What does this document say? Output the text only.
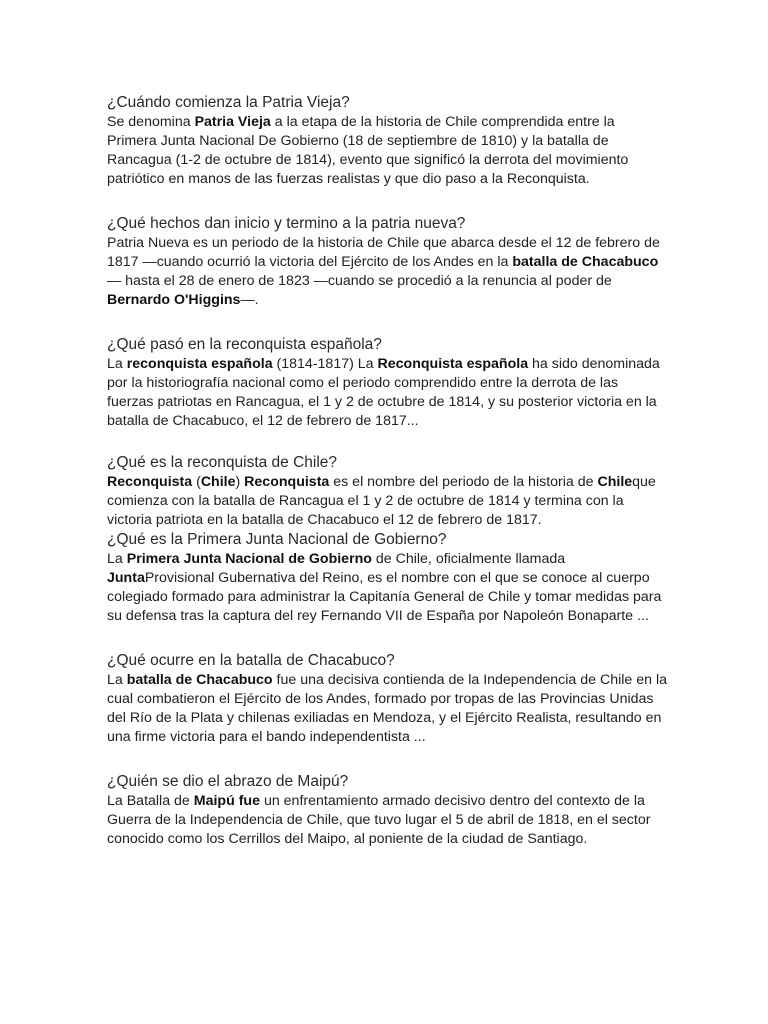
¿Cuándo comienza la Patria Vieja?

Se denomina Patria Vieja a la etapa de la historia de Chile comprendida entre la Primera Junta Nacional De Gobierno (18 de septiembre de 1810) y la batalla de Rancagua (1-2 de octubre de 1814), evento que significó la derrota del movimiento patriótico en manos de las fuerzas realistas y que dio paso a la Reconquista.

¿Qué hechos dan inicio y termino a la patria nueva?

Patria Nueva es un periodo de la historia de Chile que abarca desde el 12 de febrero de 1817 —cuando ocurrió la victoria del Ejército de los Andes en la batalla de Chacabuco— hasta el 28 de enero de 1823 —cuando se procedió a la renuncia al poder de Bernardo O'Higgins—.

¿Qué pasó en la reconquista española?

La reconquista española (1814-1817) La Reconquista española ha sido denominada por la historiografía nacional como el periodo comprendido entre la derrota de las fuerzas patriotas en Rancagua, el 1 y 2 de octubre de 1814, y su posterior victoria en la batalla de Chacabuco, el 12 de febrero de 1817...

¿Qué es la reconquista de Chile?

Reconquista (Chile) Reconquista es el nombre del periodo de la historia de Chileque comienza con la batalla de Rancagua el 1 y 2 de octubre de 1814 y termina con la victoria patriota en la batalla de Chacabuco el 12 de febrero de 1817.

¿Qué es la Primera Junta Nacional de Gobierno?

La Primera Junta Nacional de Gobierno de Chile, oficialmente llamada JuntaProvisional Gubernativa del Reino, es el nombre con el que se conoce al cuerpo colegiado formado para administrar la Capitanía General de Chile y tomar medidas para su defensa tras la captura del rey Fernando VII de España por Napoleón Bonaparte ...

¿Qué ocurre en la batalla de Chacabuco?

La batalla de Chacabuco fue una decisiva contienda de la Independencia de Chile en la cual combatieron el Ejército de los Andes, formado por tropas de las Provincias Unidas del Río de la Plata y chilenas exiliadas en Mendoza, y el Ejército Realista, resultando en una firme victoria para el bando independentista ...

¿Quién se dio el abrazo de Maipú?

La Batalla de Maipú fue un enfrentamiento armado decisivo dentro del contexto de la Guerra de la Independencia de Chile, que tuvo lugar el 5 de abril de 1818, en el sector conocido como los Cerrillos del Maipo, al poniente de la ciudad de Santiago.
